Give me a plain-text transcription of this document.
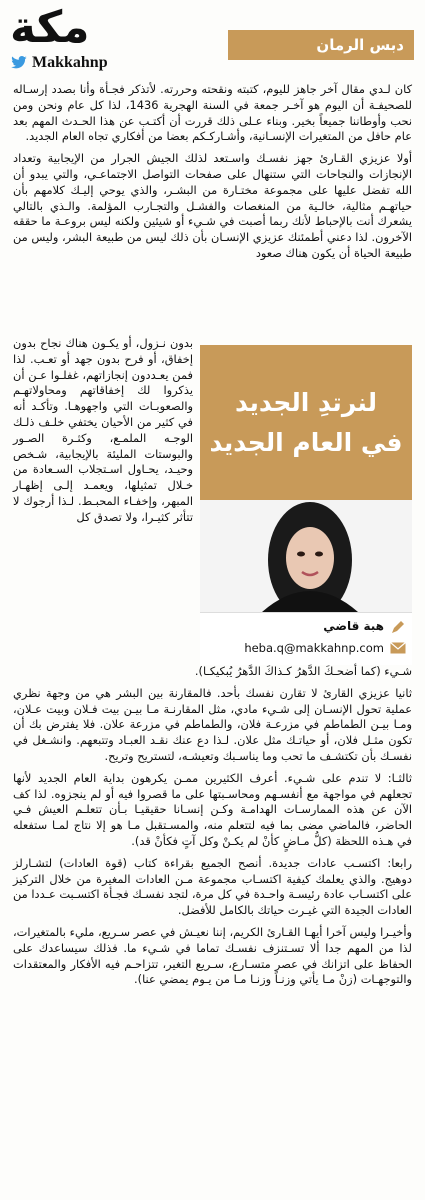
مكة
Makkahnp
دبس الرمان

كان لـدي مقال آخر جاهز لليوم، كتبته ونقحته وحررته. لأتذكر فجـأة وأنا بصدد إرسـاله للصحيفـة أن اليوم هو آخـر جمعة في السنة الهجرية 1436، لذا كل عام ونحن ومن نحب وأوطاننا جميعاً بخير. وبناء عـلى ذلك قررت أن أكتـب عن هذا الحـدث المهم بعد عام حافل من المتغيرات الإنسـانية، وأشـاركـكم بعضا من أفكاري تجاه العام الجديد.

أولا عزيزي القـارئ جهز نفسـك واسـتعد لذلك الجيش الجرار من الإيجابية وتعداد الإنجازات والنجاحات التي ستنهال على صفحات التواصل الاجتماعـي، والتي يبدو أن الله تفضل عليها على مجموعة مختـارة من البشـر، والذي يوحي إليـك كلامهم بأن حياتهـم مثالية، خالـية من المنغصات والفشـل والتجـارب المؤلمة. والـذي بالتالي يشعرك أنت بالإحباط لأنك ربما أصبت في شـيء أو شيئين ولكنه ليس بروعـة ما حققه الآخرون. لذا دعني أطمئنك عزيزي الإنسـان بأن ذلك ليس من طبيعة البشر، وليس من طبيعة الحياة أن يكون هناك صعود

لنرتدِ الجديد
في العام الجديد
هبة قاضي
heba.q@makkahnp.com

بدون نـزول، أو يكـون هناك نجاح بدون إخفاق، أو فرح بدون جهد أو تعـب. لذا فمن يعـددون إنجازاتهم، غفلـوا عـن أن يذكروا لك إخفاقاتهم ومحاولاتهـم والصعوبـات التي واجهوهـا. وتأكـد أنه في كثير من الأحيان يختفي خلـف ذلـك الوجـه الملمـع، وكثـرة الصـور والبوستات المليئة بالإيجابية، شـخص وحيـد، يحـاول اسـتجلاب السـعادة من خـلال تمثيلها، ويعمـد إلـى إظهـار المبهر، وإخفـاء المحبـط. لـذا أرجوك لا تتأثر كثيـرا، ولا تصدق كل

شـيء (كما أضحـكَ الدَّهرُ كـذاكَ الدَّهرُ يُبكيكـا).

ثانيا عزيزي القارئ لا تقارن نفسك بأحد. فالمقارنة بين البشر هي من وجهة نظري عملية تحول الإنسـان إلى شـيء مادي، مثل المقارنـة مـا بيـن بيت فـلان وبيت عـلان، ومـا بيـن الطماطم في مزرعـة فلان، والطماطم في مزرعة علان. فلا يفترض بك أن تكون مثـل فلان، أو حياتـك مثل علان. لـذا دع عنك نقـد العبـاد وتتبعهم. وانشـغل في نفسـك بأن تكتشـف ما تحب وما يناسـبك وتعيشـه، لتستريح وتريح.

ثالثـا: لا تندم على شـيء. أعرف الكثيرين ممـن يكرهون بداية العام الجديد لأنها تجعلهم في مواجهة مع أنفسـهم ومحاسـبتها على ما قصروا فيه أو لم ينجزوه. لذا كف الآن عن هذه الممارسـات الهدامـة وكـن إنسـانا حقيقيـا بـأن تتعلـم العيش فـي الحاضر، فالماضي مضى بما فيه لتتعلم منه، والمسـتقبل مـا هو إلا نتاج لمـا ستفعله في هـذه اللحظة (كلُّ مـاضٍ كأنْ لم يكـنْ وكل آتٍ فكأنْ قد).

رابعا: اكتسـب عادات جديدة. أنصح الجميع بقراءة كتاب (قوة العادات) لتشـارلز دوهيج. والذي يعلمك كيفية اكتسـاب مجموعة مـن العادات المغيرة من خلال التركيز على اكتسـاب عادة رئيسـة واحـدة في كل مرة، لتجد نفسـك فجـأة اكتسـبت عـددا من العادات الجيدة التي غيـرت حياتك بالكامل للأفضل.

وأخيـرا وليس آخرا أيهـا القـارئ الكريم، إننا نعيـش في عصر سـريع، مليء بالمتغيرات، لذا من المهم جدا ألا تسـتنزف نفسـك تماما في شـيء ما. فذلك سيساعدك على الحفاظ على اتزانك في عصر متسـارع، سـريع التغير، تتزاحـم فيه الأفكار والمعتقدات والتوجهـات (زنْ مـا يأتي وزنـاً وزنـا مـا من يـوم يمضي عنا).
